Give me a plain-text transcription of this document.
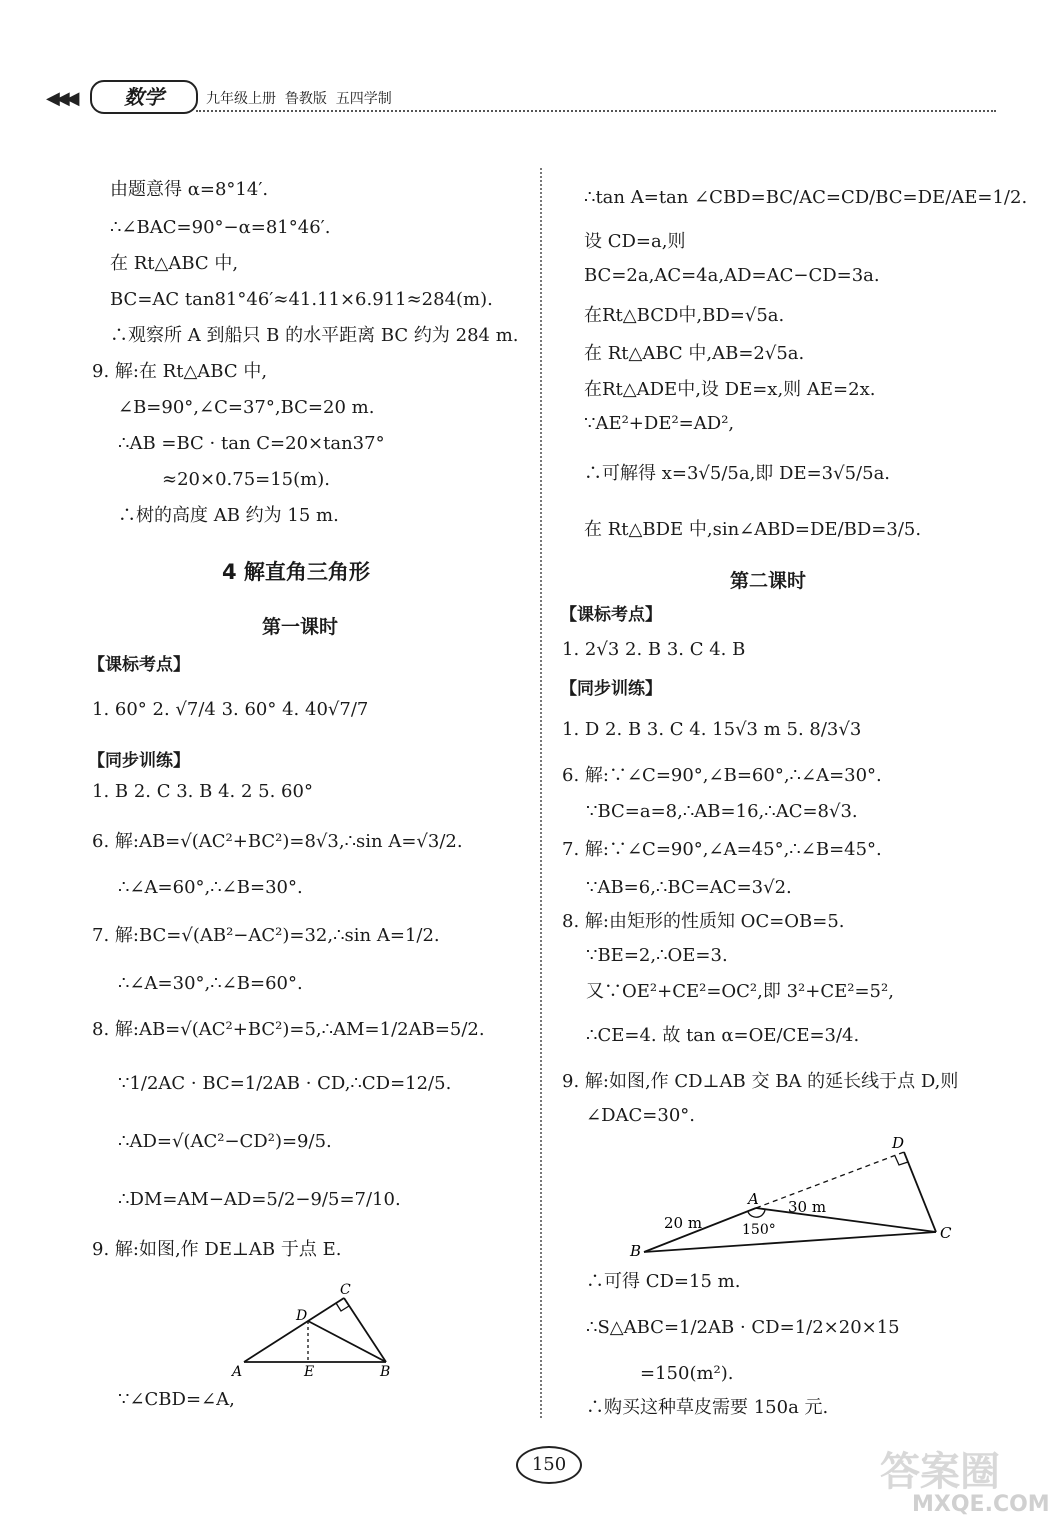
◀◀◀	数学	九年级上册  鲁教版  五四学制
由题意得 α=8°14′.
∴∠BAC=90°−α=81°46′.
在 Rt△ABC 中,
BC=AC tan81°46′≈41.11×6.911≈284(m).
∴观察所 A 到船只 B 的水平距离 BC 约为 284 m.
9. 解:在 Rt△ABC 中,
∠B=90°,∠C=37°,BC=20 m.
∴AB =BC · tan C=20×tan37°
≈20×0.75=15(m).
∴树的高度 AB 约为 15 m.
4 解直角三角形
第一课时
【课标考点】
1. 60° 2. √7/4 3. 60° 4. 40√7/7
【同步训练】
1. B 2. C 3. B 4. 2 5. 60°
6. 解:AB=√(AC²+BC²)=8√3,∴sin A=√3/2.
∴∠A=60°,∴∠B=30°.
7. 解:BC=√(AB²−AC²)=32,∴sin A=1/2.
∴∠A=30°,∴∠B=60°.
8. 解:AB=√(AC²+BC²)=5,∴AM=1/2AB=5/2.
∵1/2AC · BC=1/2AB · CD,∴CD=12/5.
∴AD=√(AC²−CD²)=9/5.
∴DM=AM−AD=5/2−9/5=7/10.
9. 解:如图,作 DE⊥AB 于点 E.
A	B
C
D
E
∵∠CBD=∠A,
∴tan A=tan ∠CBD=BC/AC=CD/BC=DE/AE=1/2.
设 CD=a,则
BC=2a,AC=4a,AD=AC−CD=3a.
在Rt△BCD中,BD=√5a.
在 Rt△ABC 中,AB=2√5a.
在Rt△ADE中,设 DE=x,则 AE=2x.
∵AE²+DE²=AD²,
∴可解得 x=3√5/5a,即 DE=3√5/5a.
在 Rt△BDE 中,sin∠ABD=DE/BD=3/5.
第二课时
【课标考点】
1. 2√3 2. B 3. C 4. B
【同步训练】
1. D 2. B 3. C 4. 15√3 m 5. 8/3√3
6. 解:∵∠C=90°,∠B=60°,∴∠A=30°.
∵BC=a=8,∴AB=16,∴AC=8√3.
7. 解:∵∠C=90°,∠A=45°,∴∠B=45°.
∵AB=6,∴BC=AC=3√2.
8. 解:由矩形的性质知 OC=OB=5.
∵BE=2,∴OE=3.
又∵OE²+CE²=OC²,即 3²+CE²=5²,
∴CE=4. 故 tan α=OE/CE=3/4.
9. 解:如图,作 CD⊥AB 交 BA 的延长线于点 D,则
∠DAC=30°.
B
A
C
D
20 m
30 m
150°
∴可得 CD=15 m.
∴S△ABC=1/2AB · CD=1/2×20×15
=150(m²).
∴购买这种草皮需要 150a 元.
150	答案圈
MXQE.COM
